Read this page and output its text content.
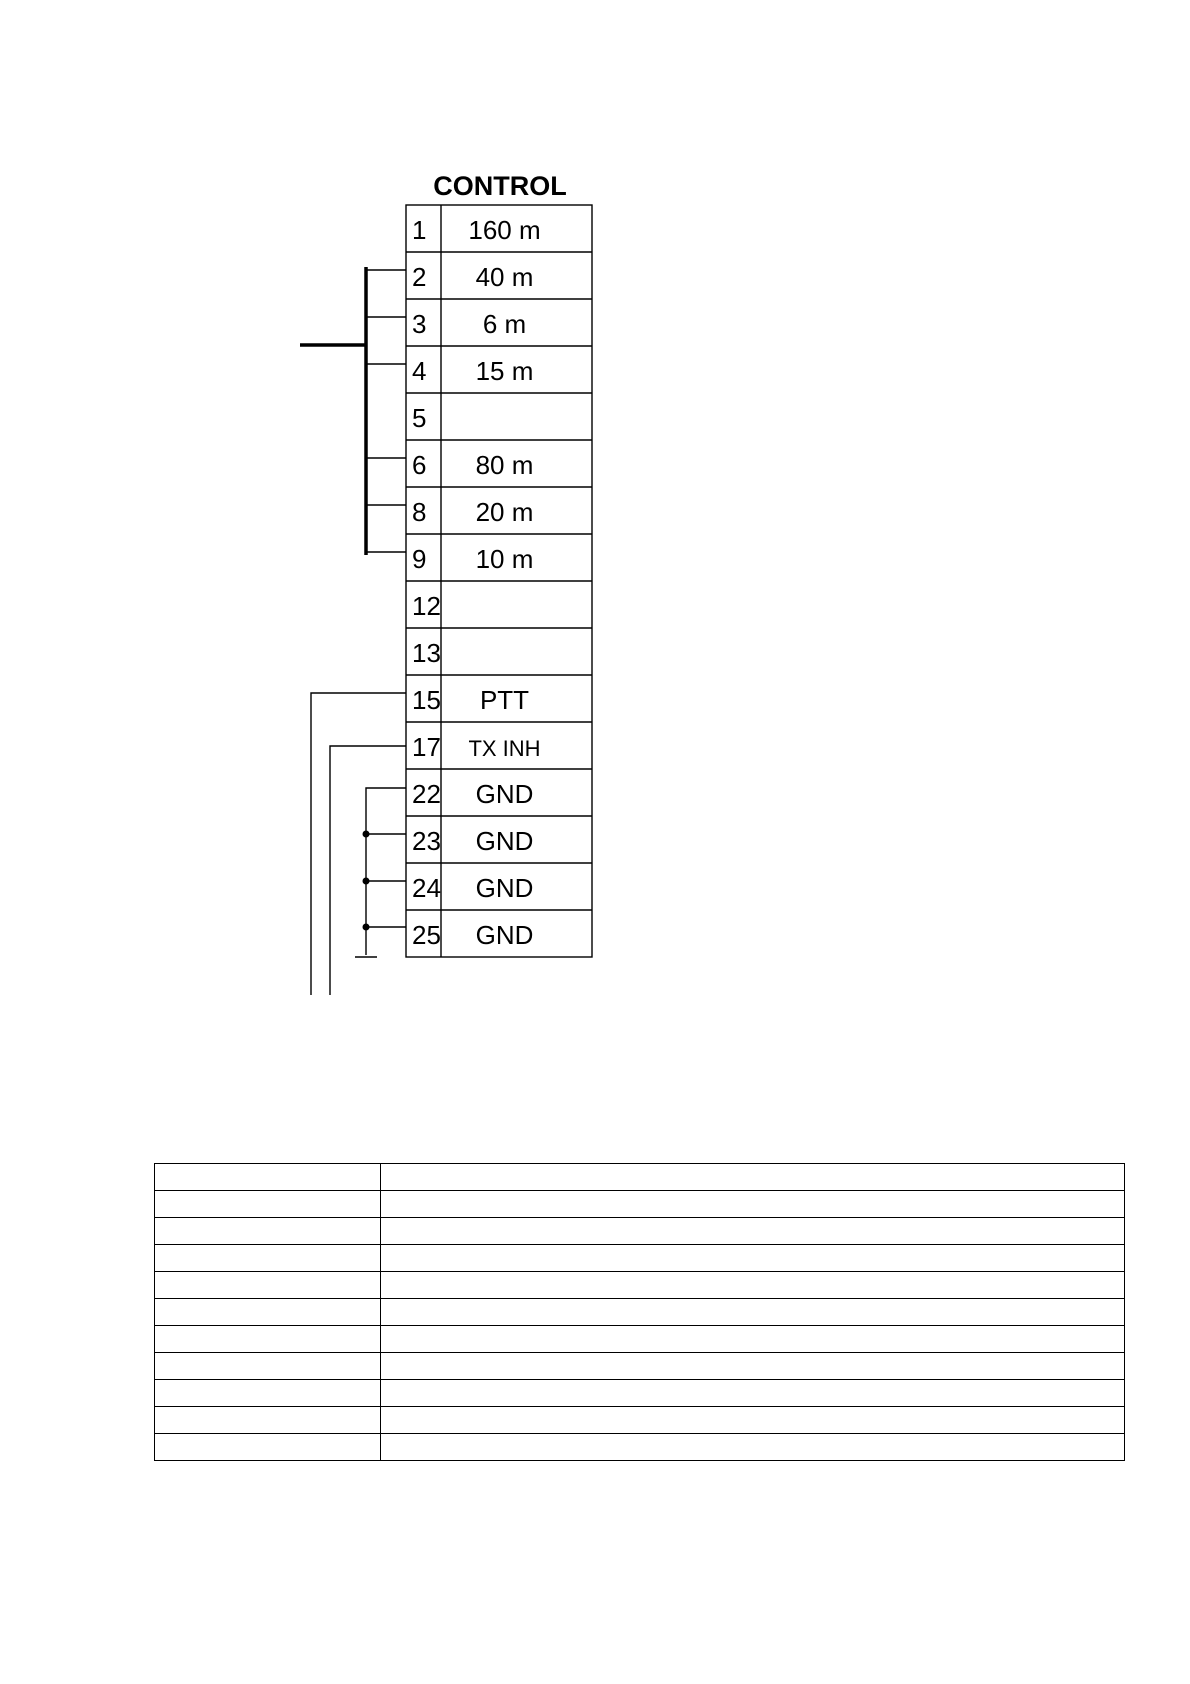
CONTROL
1 160 m
2 40 m
3 6 m
4 15 m
5
6 80 m
8 20 m
9 10 m
12
13
15 PTT
17 TX INH
22 GND
23 GND
24 GND
25 GND
